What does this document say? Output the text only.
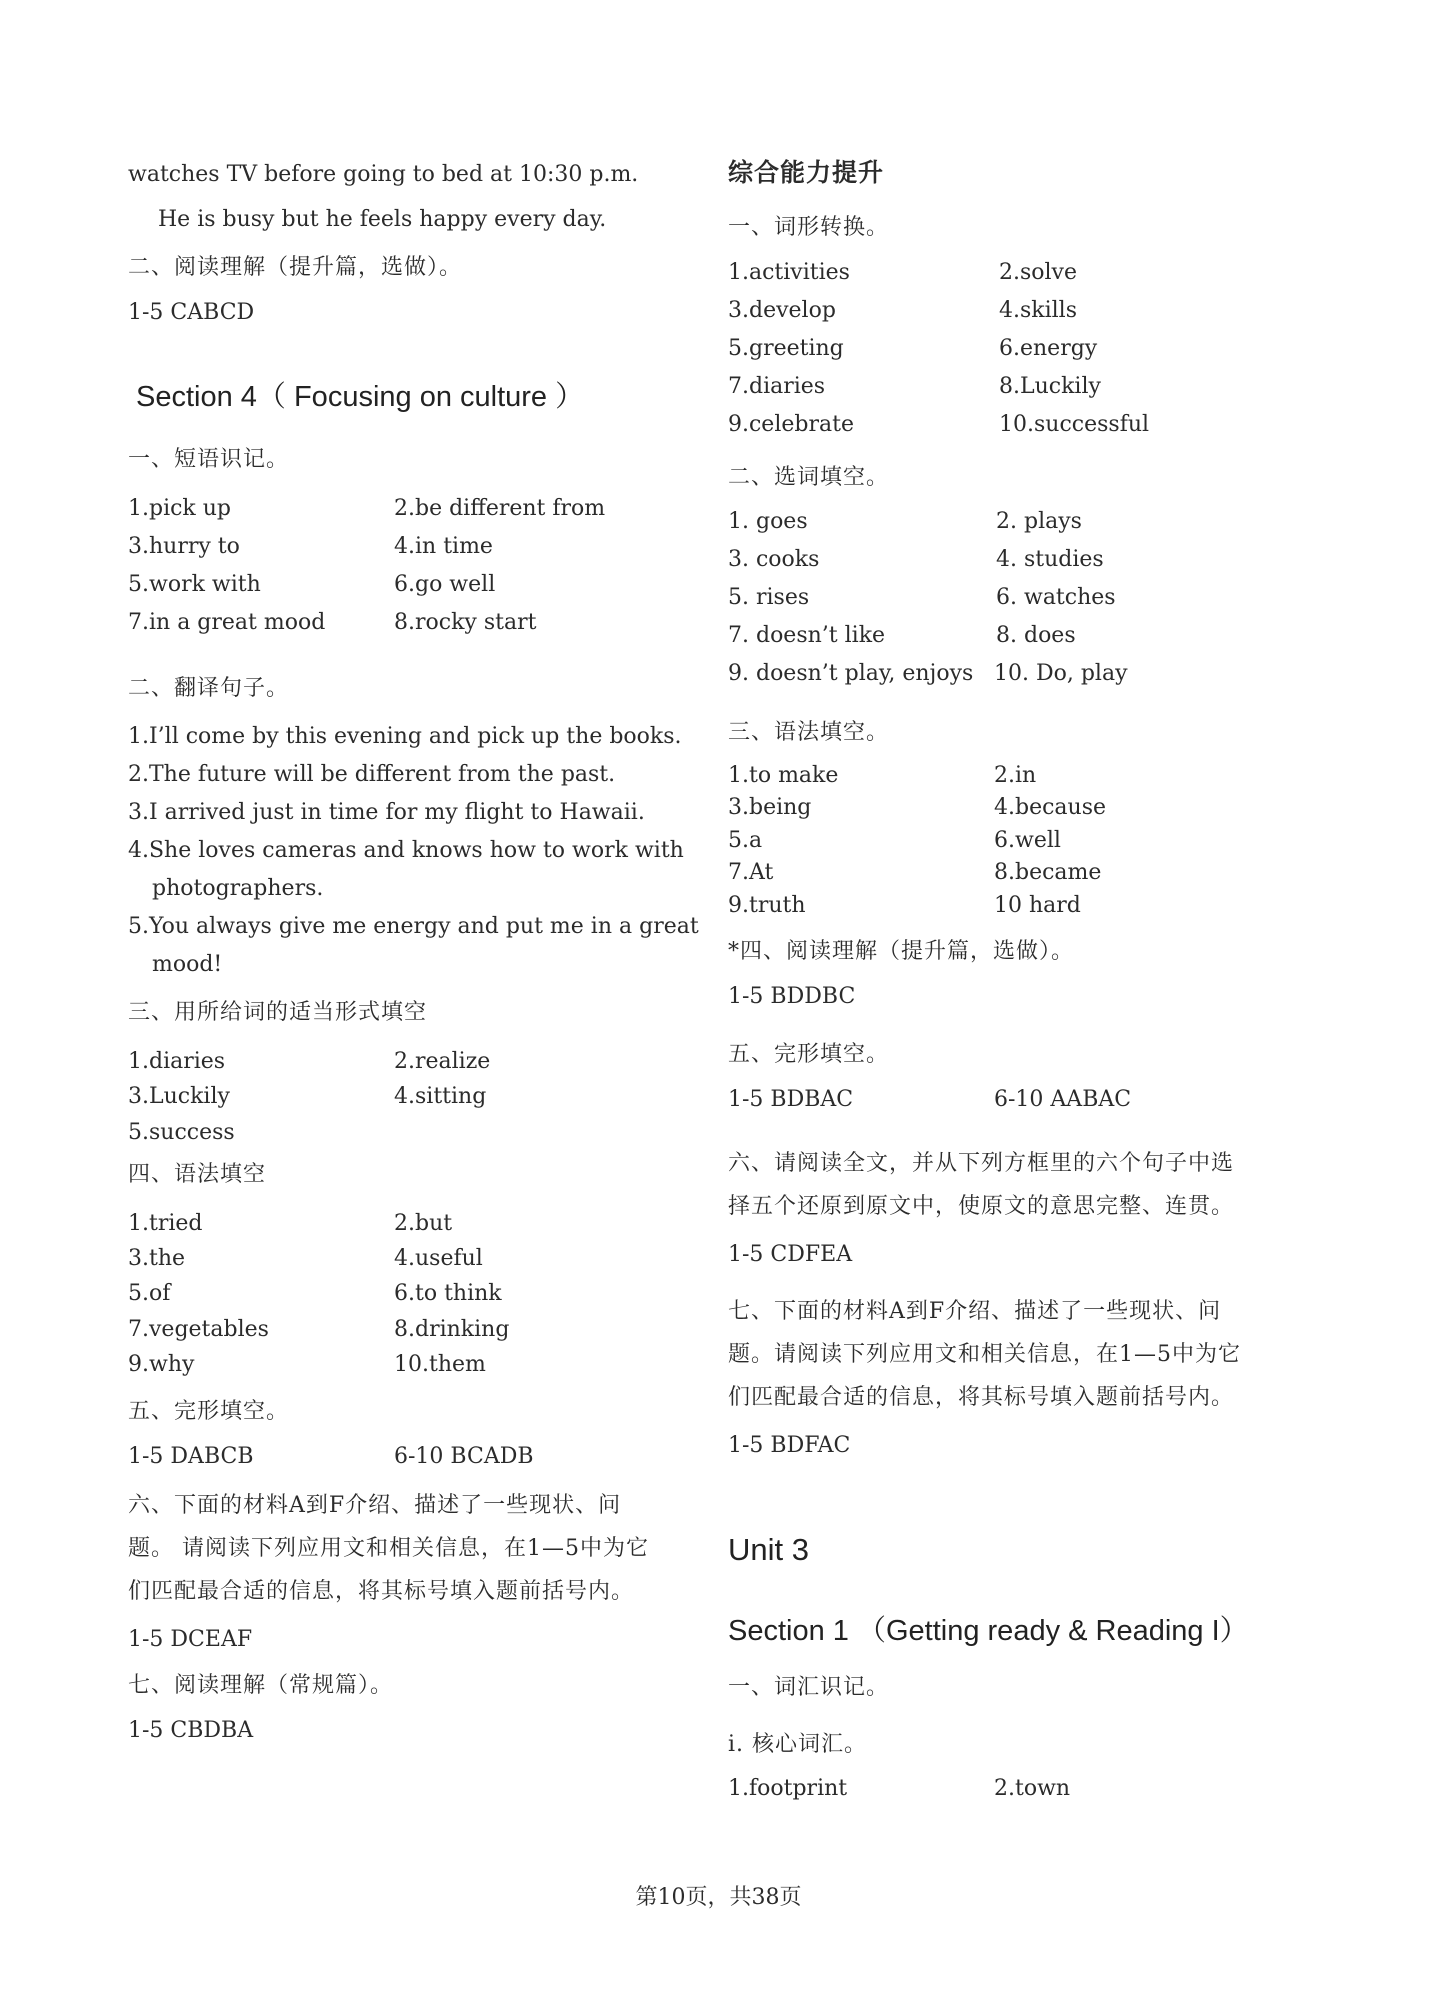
watches TV before going to bed at 10:30 p.m.
He is busy but he feels happy every day.
二、阅读理解（提升篇，选做）。
1-5 CABCD
Section 4（ Focusing on culture ）
一、短语识记。
1.pick up	2.be different from
3.hurry to	4.in time
5.work with	6.go well
7.in a great mood	8.rocky start
二、翻译句子。
1.I’ll come by this evening and pick up the books.
2.The future will be different from the past.
3.I arrived just in time for my flight to Hawaii.
4.She loves cameras and knows how to work with
photographers.
5.You always give me energy and put me in a great
mood!
三、用所给词的适当形式填空
1.diaries	2.realize
3.Luckily	4.sitting
5.success
四、语法填空
1.tried	2.but
3.the	4.useful
5.of	6.to think
7.vegetables	8.drinking
9.why	10.them
五、完形填空。
1-5 DABCB	6-10 BCADB
六、下面的材料A到F介绍、描述了一些现状、问
题。 请阅读下列应用文和相关信息，在1—5中为它
们匹配最合适的信息，将其标号填入题前括号内。
1-5 DCEAF
七、阅读理解（常规篇）。
1-5 CBDBA
综合能力提升
一、词形转换。
1.activities	2.solve
3.develop	4.skills
5.greeting	6.energy
7.diaries	8.Luckily
9.celebrate	10.successful
二、选词填空。
1. goes	2. plays
3. cooks	4. studies
5. rises	6. watches
7. doesn’t like	8. does
9. doesn’t play, enjoys 10. Do, play
三、语法填空。
1.to make	2.in
3.being	4.because
5.a	6.well
7.At	8.became
9.truth	10 hard
*四、阅读理解（提升篇，选做）。
1-5 BDDBC
五、完形填空。
1-5 BDBAC	6-10 AABAC
六、请阅读全文，并从下列方框里的六个句子中选
择五个还原到原文中，使原文的意思完整、连贯。
1-5 CDFEA
七、下面的材料A到F介绍、描述了一些现状、问
题。请阅读下列应用文和相关信息，在1—5中为它
们匹配最合适的信息，将其标号填入题前括号内。
1-5 BDFAC
Unit 3
Section 1 （Getting ready & Reading I）
一、词汇识记。
i. 核心词汇。
1.footprint	2.town
第10页，共38页
